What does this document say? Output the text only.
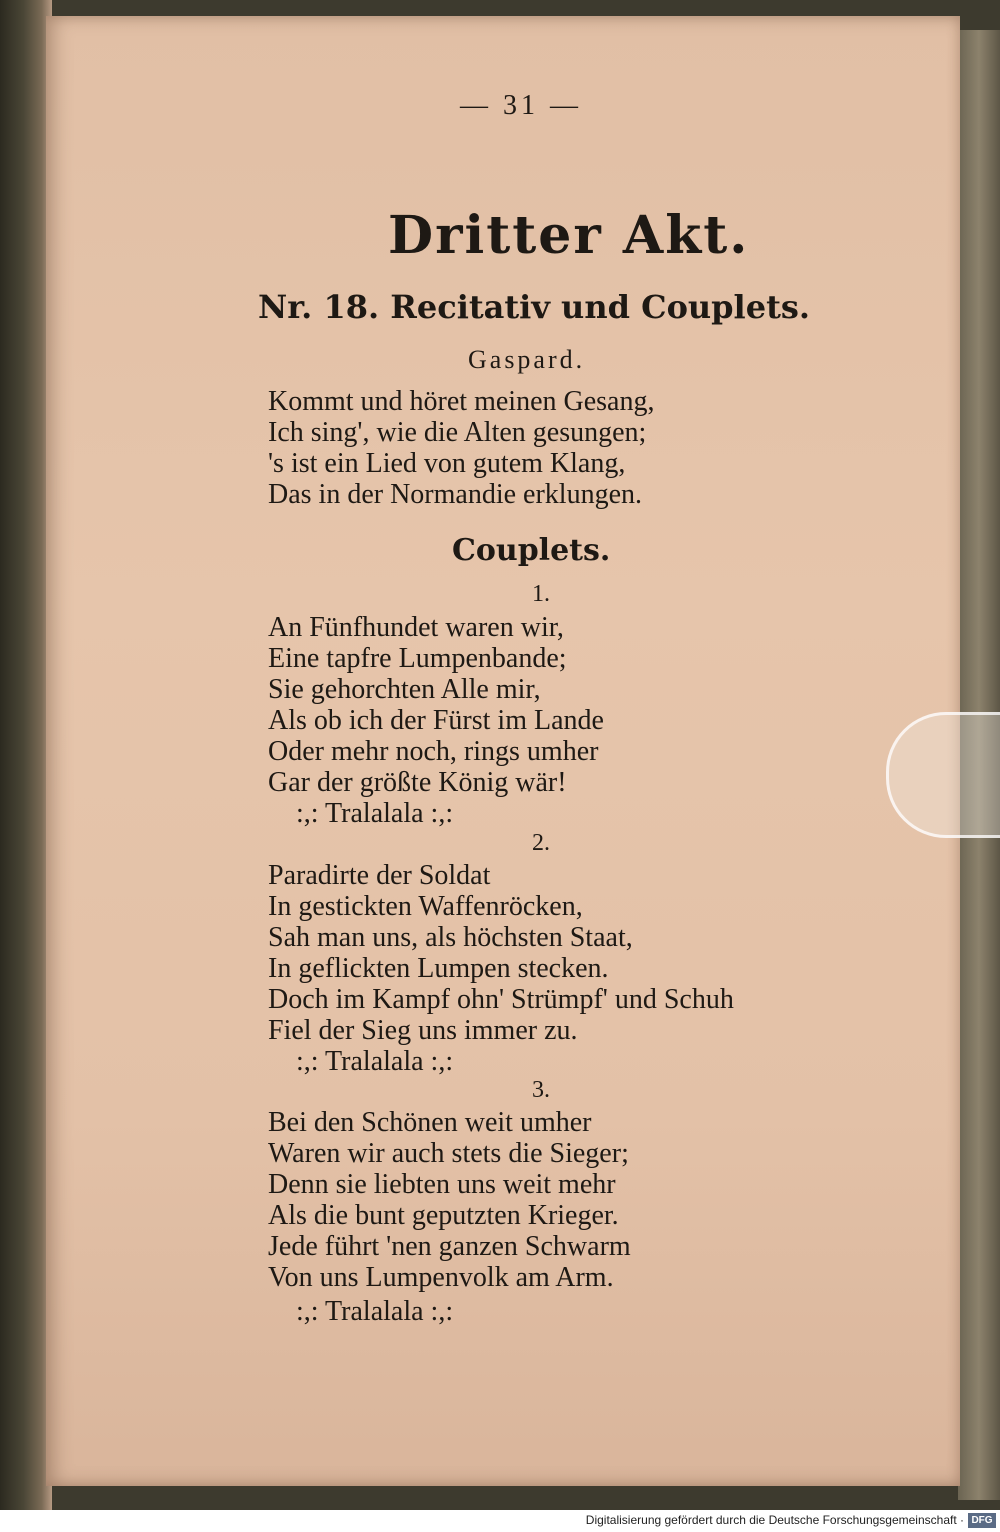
— 31 —
Dritter Akt.
Nr. 18. Recitativ und Couplets.
Gaspard.
Kommt und höret meinen Gesang,
Ich sing', wie die Alten gesungen;
's ist ein Lied von gutem Klang,
Das in der Normandie erklungen.
Couplets.
1.
An Fünfhundet waren wir,
Eine tapfre Lumpenbande;
Sie gehorchten Alle mir,
Als ob ich der Fürst im Lande
Oder mehr noch, rings umher
Gar der größte König wär!
:,: Tralalala :,:
2.
Paradirte der Soldat
In gestickten Waffenröcken,
Sah man uns, als höchsten Staat,
In geflickten Lumpen stecken.
Doch im Kampf ohn' Strümpf' und Schuh
Fiel der Sieg uns immer zu.
:,: Tralalala :,:
3.
Bei den Schönen weit umher
Waren wir auch stets die Sieger;
Denn sie liebten uns weit mehr
Als die bunt geputzten Krieger.
Jede führt 'nen ganzen Schwarm
Von uns Lumpenvolk am Arm.
:,: Tralalala :,:
Digitalisierung gefördert durch die Deutsche Forschungsgemeinschaft · DFG
